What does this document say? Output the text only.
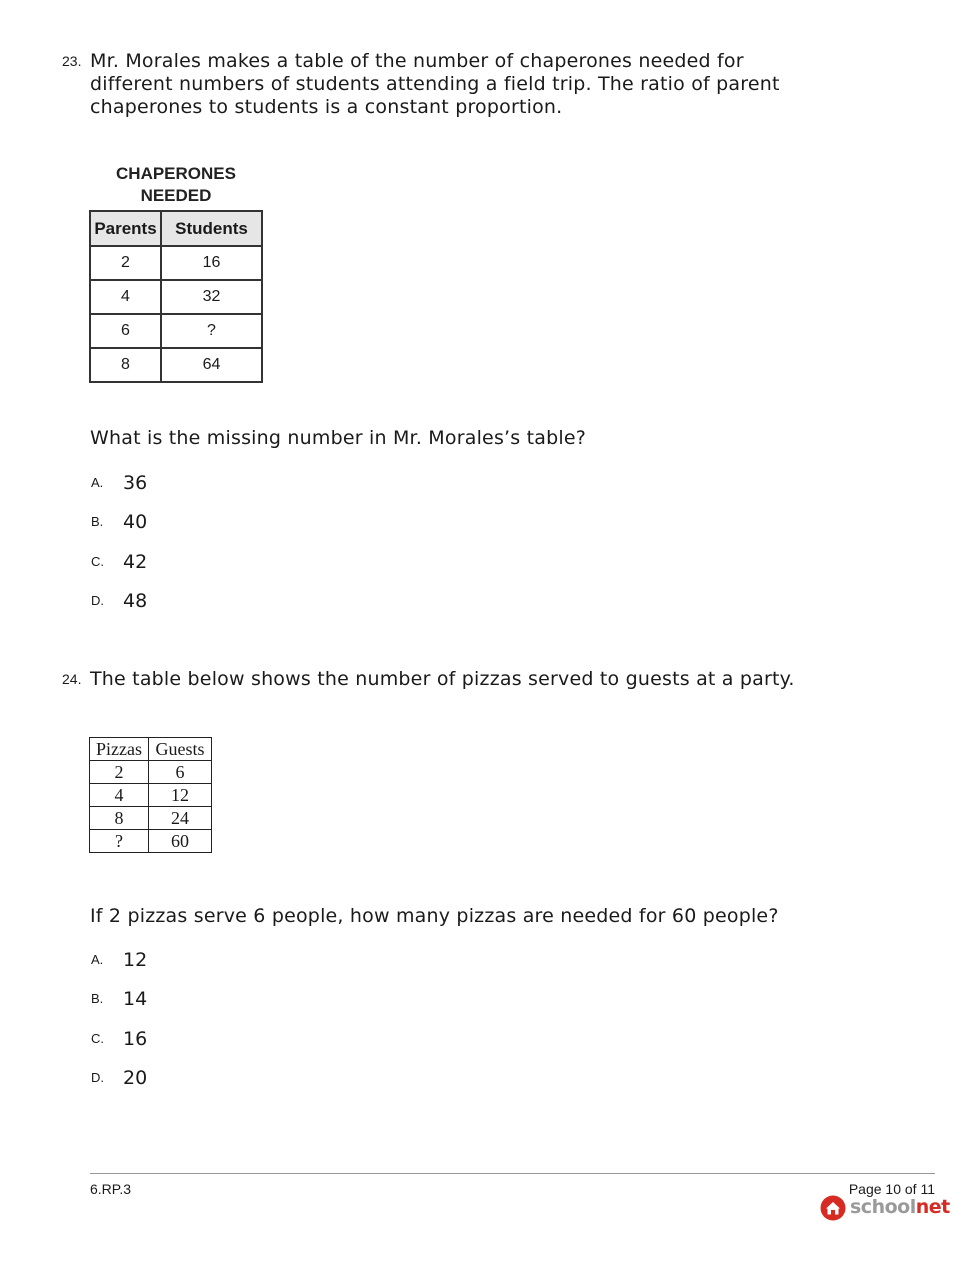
23. Mr. Morales makes a table of the number of chaperones needed for
different numbers of students attending a field trip. The ratio of parent
chaperones to students is a constant proportion.
CHAPERONES
NEEDED
Parents	Students
2	16
4	32
6	?
8	64
What is the missing number in Mr. Morales’s table?
A. 36
B. 40
C. 42
D. 48
24. The table below shows the number of pizzas served to guests at a party.
Pizzas	Guests
2	6
4	12
8	24
?	60
If 2 pizzas serve 6 people, how many pizzas are needed for 60 people?
A. 12
B. 14
C. 16
D. 20
6.RP.3	Page 10 of 11
schoolnet
